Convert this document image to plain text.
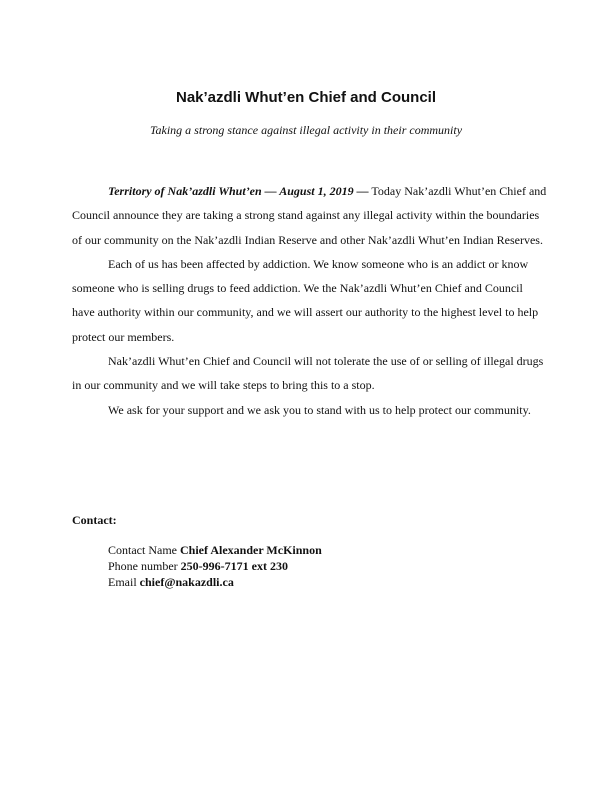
Nak’azdli Whut’en Chief and Council
Taking a strong stance against illegal activity in their community

Territory of Nak’azdli Whut’en — August 1, 2019 — Today Nak’azdli Whut’en Chief and Council announce they are taking a strong stand against any illegal activity within the boundaries of our community on the Nak’azdli Indian Reserve and other Nak’azdli Whut’en Indian Reserves.

Each of us has been affected by addiction. We know someone who is an addict or know someone who is selling drugs to feed addiction. We the Nak’azdli Whut’en Chief and Council have authority within our community, and we will assert our authority to the highest level to help protect our members.

Nak’azdli Whut’en Chief and Council will not tolerate the use of or selling of illegal drugs in our community and we will take steps to bring this to a stop.

We ask for your support and we ask you to stand with us to help protect our community.

Contact:
Contact Name Chief Alexander McKinnon
Phone number 250-996-7171 ext 230
Email chief@nakazdli.ca
